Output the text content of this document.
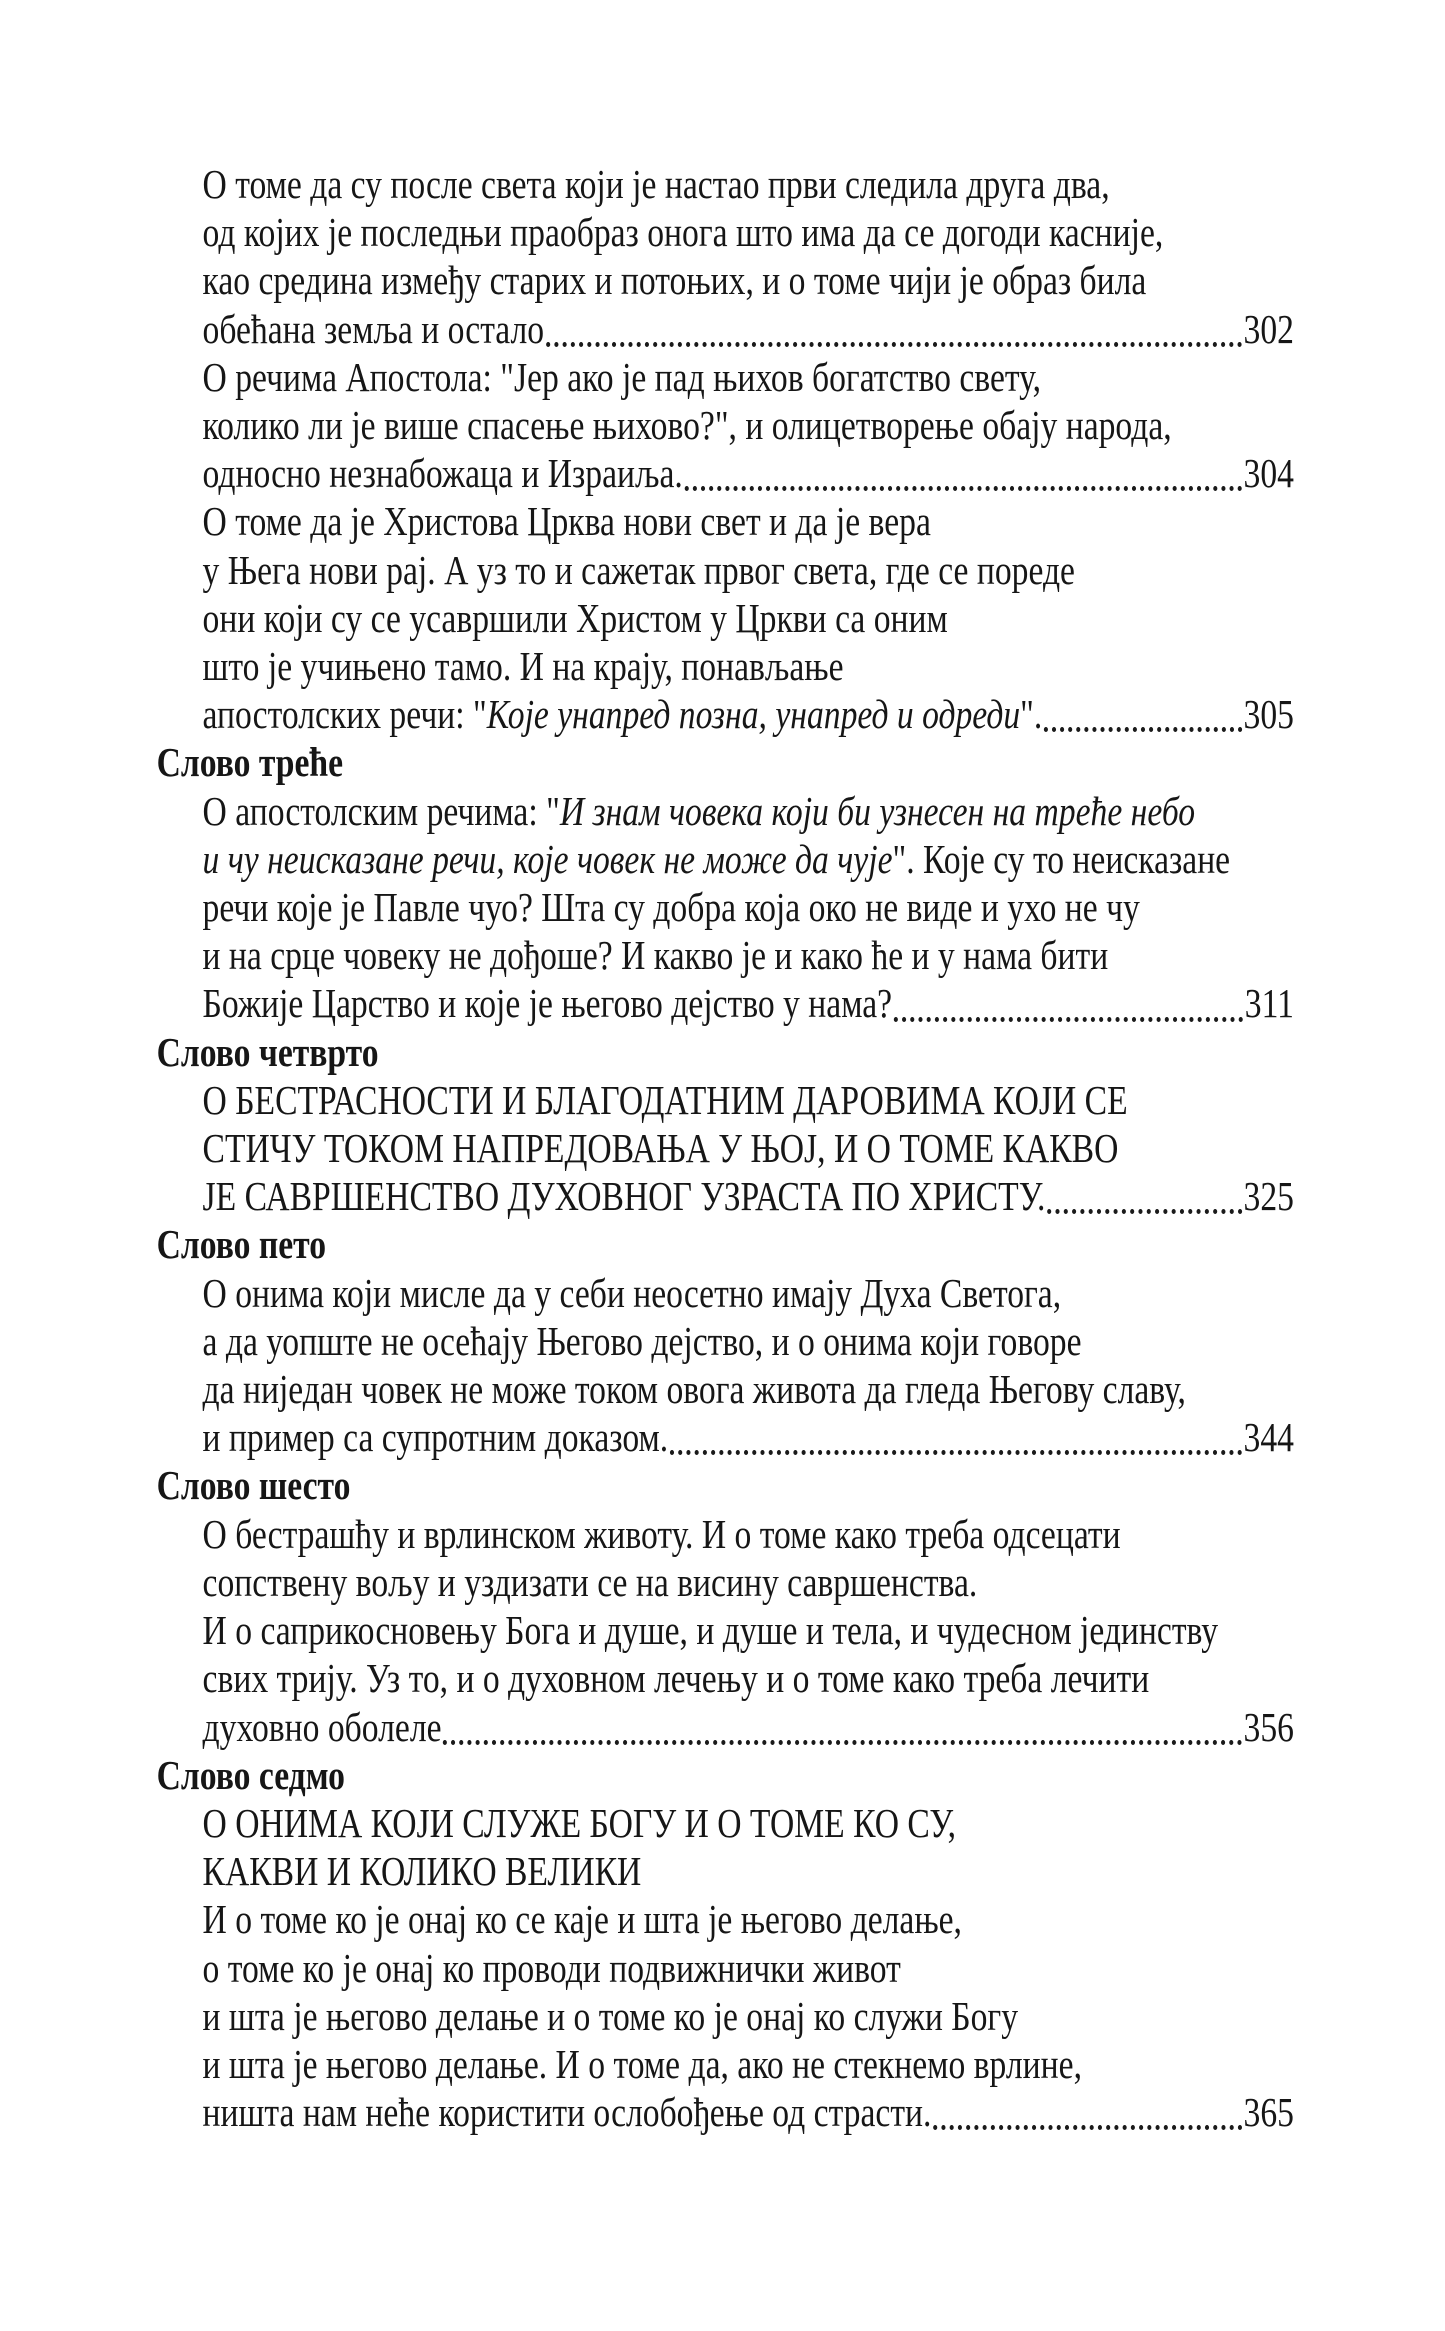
О томе да су после света који је настао први следила друга два,
од којих је последњи праобраз онога што има да се догоди касније,
као средина између старих и потоњих, и о томе чији је образ била
обећана земља и остало	302
О речима Апостола: "Јер ако је пад њихов богатство свету,
колико ли је више спасење њихово?", и олицетворење обају народа,
односно незнабожаца и Израиља.	304
О томе да је Христова Црква нови свет и да је вера
у Њега нови рај. А уз то и сажетак првог света, где се пореде
они који су се усавршили Христом у Цркви са оним
што је учињено тамо. И на крају, понављање
апостолских речи: " Које унапред позна, унапред и одреди ".	305
Слово треће
О апостолским речима: " И знам човека који би узнесен на треће небо
и чу неисказане речи, које човек не може да чује ". Које су то неисказане
речи које је Павле чуо? Шта су добра која око не виде и ухо не чу
и на срце човеку не дођоше? И какво је и како ће и у нама бити
Божије Царство и које је његово дејство у нама?	311
Слово четврто
О БЕСТРАСНОСТИ И БЛАГОДАТНИМ ДАРОВИМА КОЈИ СЕ
СТИЧУ ТОКОМ НАПРЕДОВАЊА У ЊОЈ, И О ТОМЕ КАКВО
ЈЕ САВРШЕНСТВО ДУХОВНОГ УЗРАСТА ПО ХРИСТУ.	325
Слово пето
О онима који мисле да у себи неосетно имају Духа Светога,
а да уопште не осећају Његово дејство, и о онима који говоре
да ниједан човек не може током овога живота да гледа Његову славу,
и пример са супротним доказом.	344
Слово шесто
О бестрашћу и врлинском животу. И о томе како треба одсецати
сопствену вољу и уздизати се на висину савршенства.
И о саприкосновењу Бога и душе, и душе и тела, и чудесном јединству
свих трију. Уз то, и о духовном лечењу и о томе како треба лечити
духовно оболеле	356
Слово седмо
О ОНИМА КОЈИ СЛУЖЕ БОГУ И О ТОМЕ КО СУ,
КАКВИ И КОЛИКО ВЕЛИКИ
И о томе ко је онај ко се каје и шта је његово делање,
о томе ко је онај ко проводи подвижнички живот
и шта је његово делање и о томе ко је онај ко служи Богу
и шта је његово делање. И о томе да, ако не стекнемо врлине,
ништа нам неће користити ослобођење од страсти.	365
